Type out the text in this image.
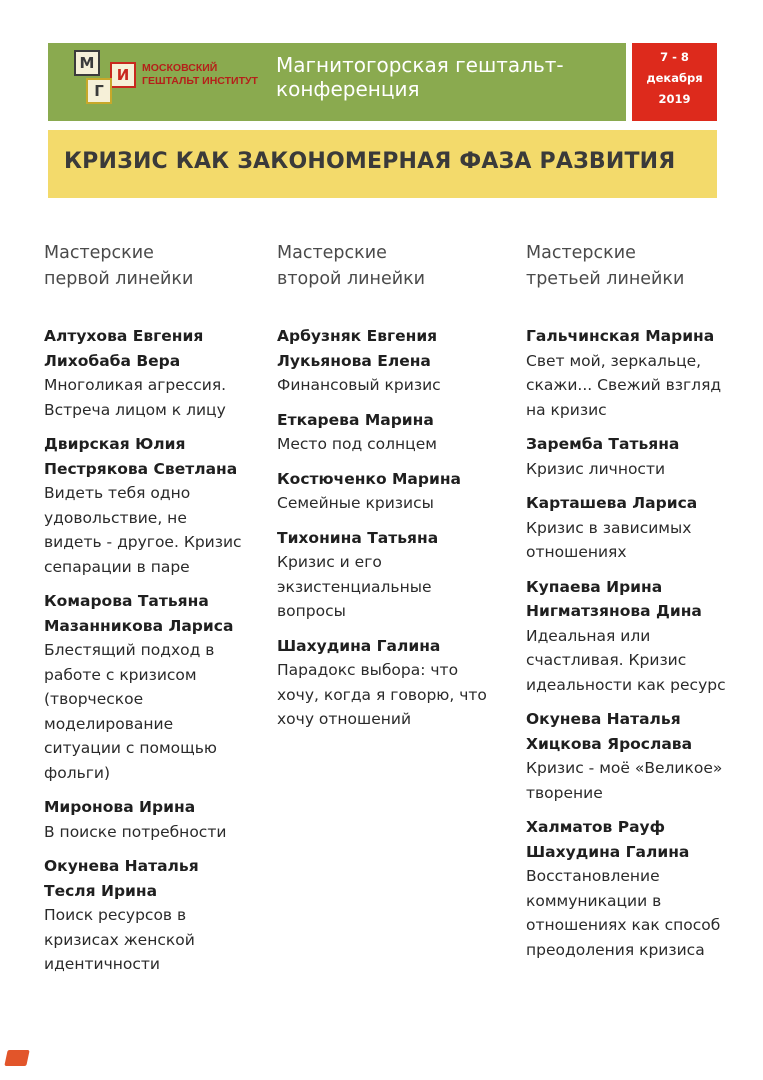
М
И
Г
МОСКОВСКИЙ
ГЕШТАЛЬТ ИНСТИТУТ
Магнитогорская гештальт-
конференция
7 - 8
декабря
2019
КРИЗИС КАК ЗАКОНОМЕРНАЯ ФАЗА РАЗВИТИЯ
Мастерские
первой линейки
Алтухова Евгения
Лихобаба Вера
Многоликая агрессия.
Встреча лицом к лицу
Двирская Юлия
Пестрякова Светлана
Видеть тебя одно
удовольствие, не
видеть - другое. Кризис
сепарации в паре
Комарова Татьяна
Мазанникова Лариса
Блестящий подход в
работе с кризисом
(творческое
моделирование
ситуации с помощью
фольги)
Миронова Ирина
В поиске потребности
Окунева Наталья
Тесля Ирина
Поиск ресурсов в
кризисах женской
идентичности
Мастерские
второй линейки
Арбузняк Евгения
Лукьянова Елена
Финансовый кризис
Еткарева Марина
Место под солнцем
Костюченко Марина
Семейные кризисы
Тихонина Татьяна
Кризис и его
экзистенциальные
вопросы
Шахудина Галина
Парадокс выбора: что
хочу, когда я говорю, что
хочу отношений
Мастерские
третьей линейки
Гальчинская Марина
Свет мой, зеркальце,
скажи... Свежий взгляд
на кризис
Заремба Татьяна
Кризис личности
Карташева Лариса
Кризис в зависимых
отношениях
Купаева Ирина
Нигматзянова Дина
Идеальная или
счастливая. Кризис
идеальности как ресурс
Окунева Наталья
Хицкова Ярослава
Кризис - моё «Великое»
творение
Халматов Рауф
Шахудина Галина
Восстановление
коммуникации в
отношениях как способ
преодоления кризиса
